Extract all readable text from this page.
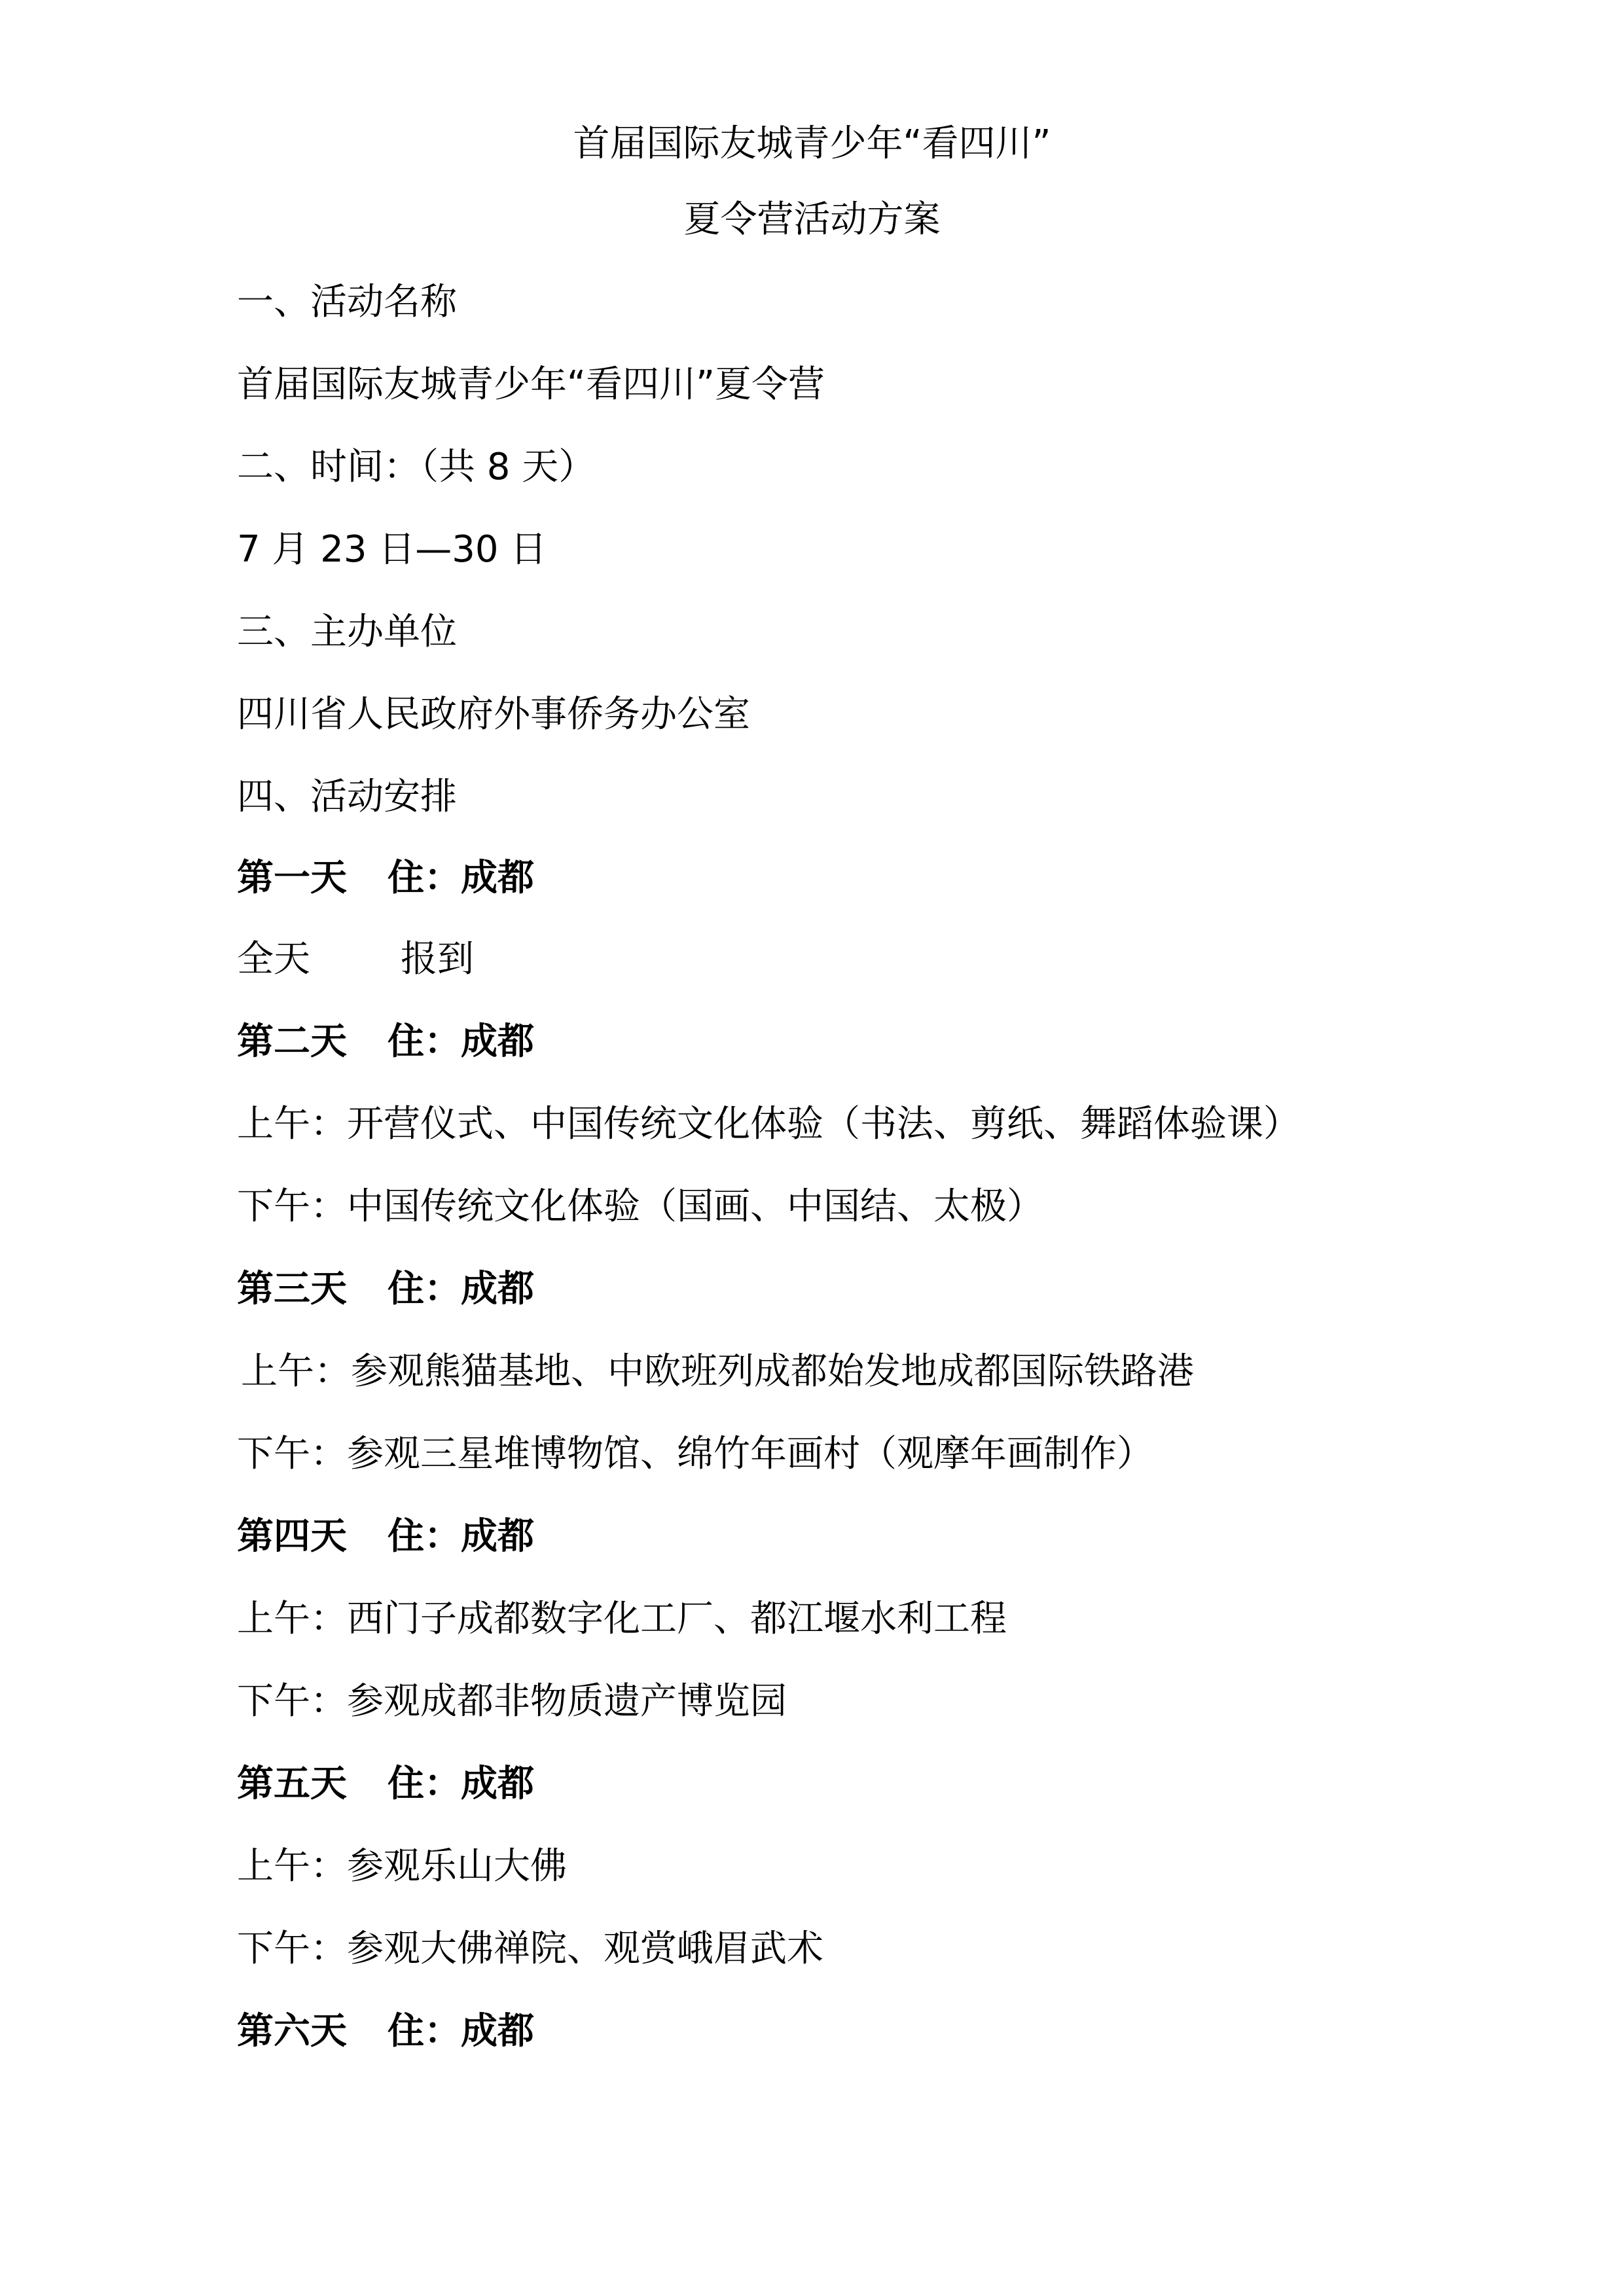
首届国际友城青少年“看四川”
夏令营活动方案
一、活动名称
首届国际友城青少年“看四川”夏令营
二、时间：（共 8 天）
7 月 23 日—30 日
三、主办单位
四川省人民政府外事侨务办公室
四、活动安排
第一天 住：成都
全天 报到
第二天 住：成都
上午：开营仪式、中国传统文化体验（书法、剪纸、舞蹈体验课）
下午：中国传统文化体验（国画、中国结、太极）
第三天 住：成都
上午：参观熊猫基地、中欧班列成都始发地成都国际铁路港
下午：参观三星堆博物馆、绵竹年画村（观摩年画制作）
第四天 住：成都
上午：西门子成都数字化工厂、都江堰水利工程
下午：参观成都非物质遗产博览园
第五天 住：成都
上午：参观乐山大佛
下午：参观大佛禅院、观赏峨眉武术
第六天 住：成都
